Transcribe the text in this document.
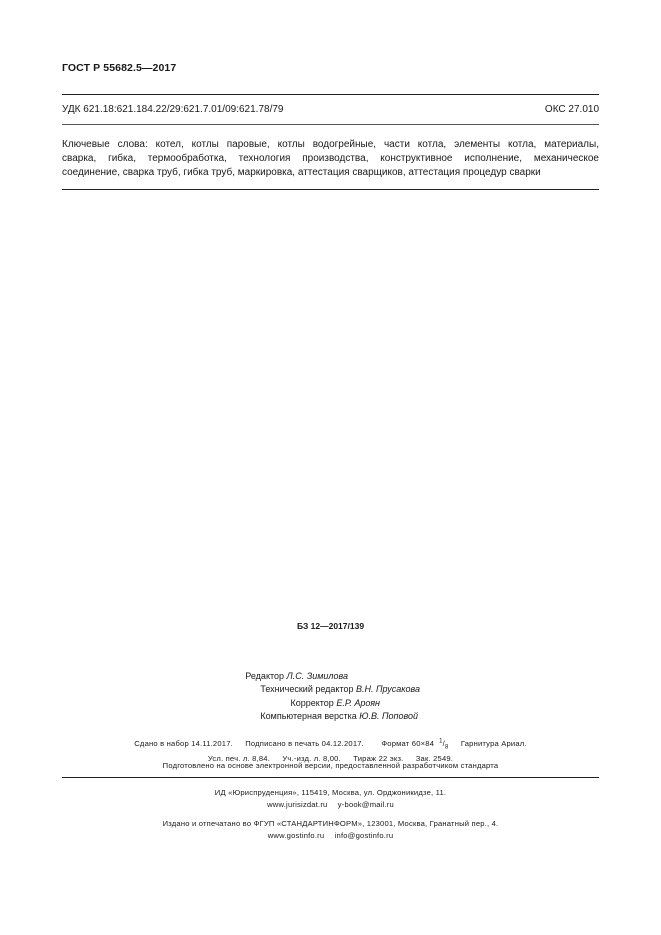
ГОСТ Р 55682.5—2017
УДК 621.18:621.184.22/29:621.7.01/09:621.78/79	ОКС 27.010
Ключевые слова: котел, котлы паровые, котлы водогрейные, части котла, элементы котла, материалы,
сварка, гибка, термообработка, технология производства, конструктивное исполнение, механическое
соединение, сварка труб, гибка труб, маркировка, аттестация сварщиков, аттестация процедур сварки
БЗ 12—2017/139
Редактор Л.С. Зимилова
Технический редактор В.Н. Прусакова
Корректор Е.Р. Ароян
Компьютерная верстка Ю.В. Поповой
Сдано в набор 14.11.2017. Подписано в печать 04.12.2017. Формат 60×84 $^1/_8$ Гарнитура Ариал.
Усл. печ. л. 8,84. Уч.-изд. л. 8,00. Тираж 22 экз. Зак. 2549.
Подготовлено на основе электронной версии, предоставленной разработчиком стандарта
ИД «Юриспруденция», 115419, Москва, ул. Орджоникидзе, 11.
www.jurisizdat.ru y-book@mail.ru
Издано и отпечатано во ФГУП «СТАНДАРТИНФОРМ», 123001, Москва, Гранатный пер., 4.
www.gostinfo.ru info@gostinfo.ru
